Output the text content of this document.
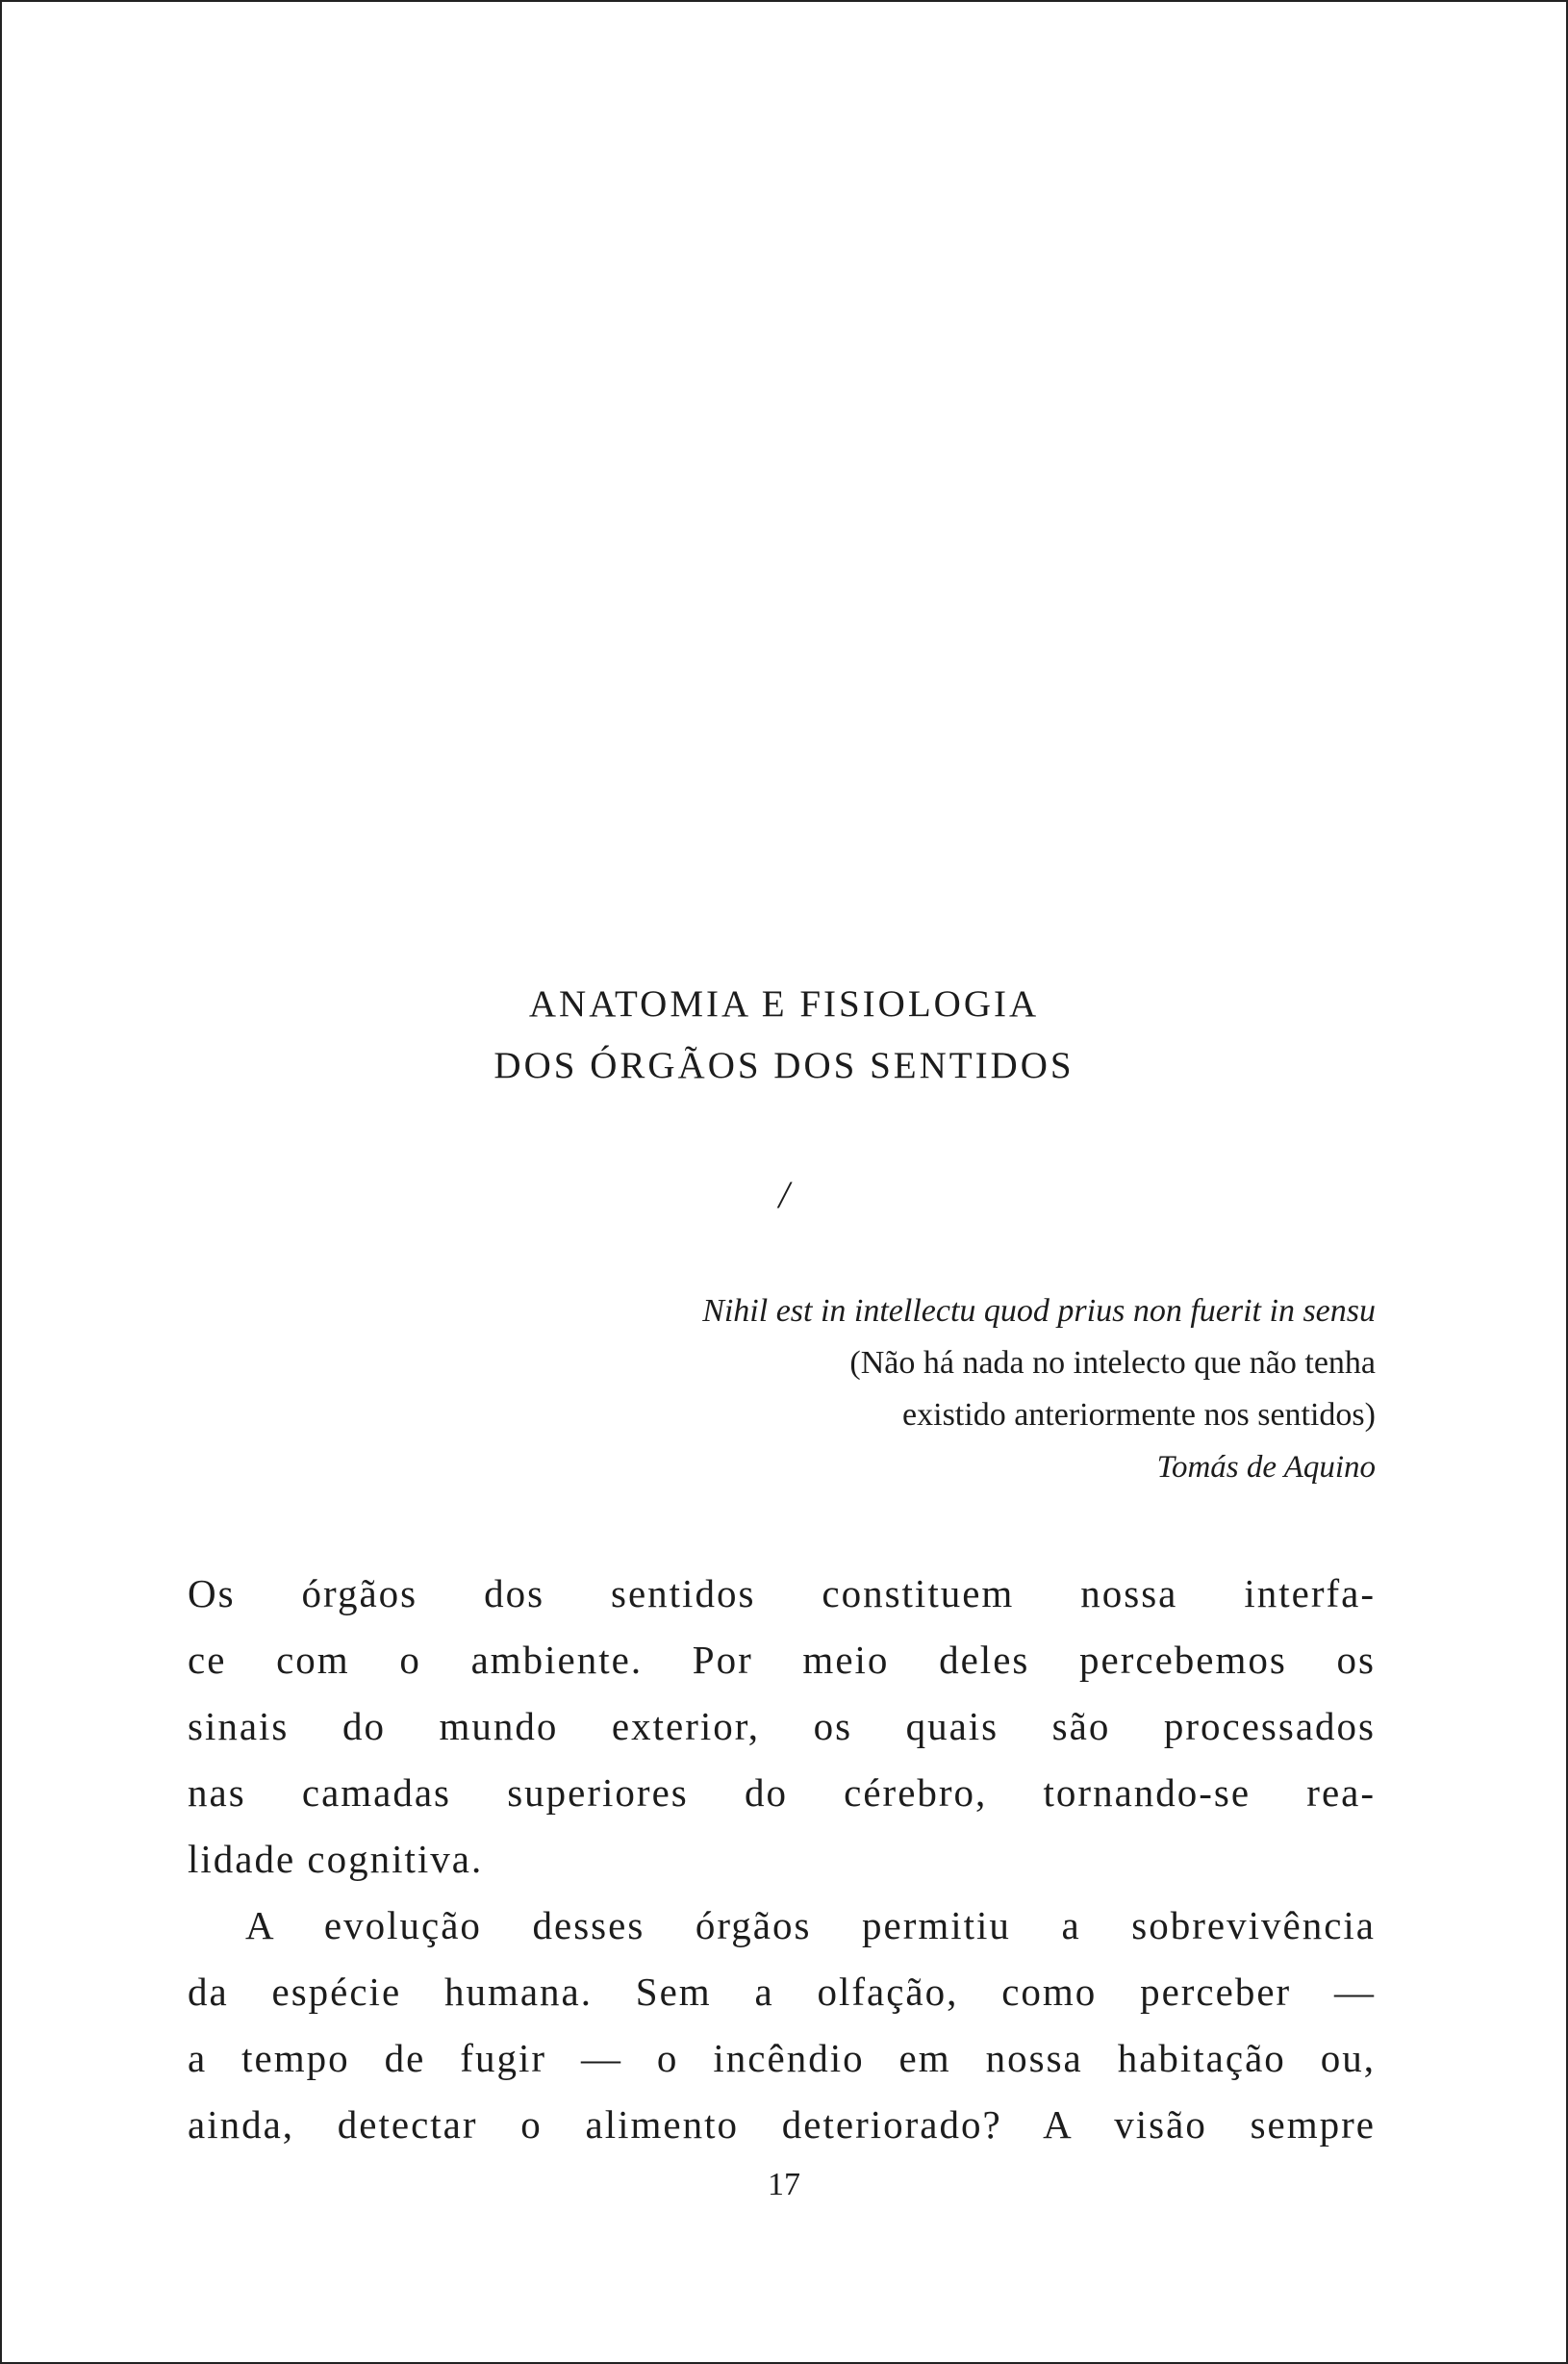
ANATOMIA E FISIOLOGIA
DOS ÓRGÃOS DOS SENTIDOS
/
Nihil est in intellectu quod prius non fuerit in sensu
(Não há nada no intelecto que não tenha
existido anteriormente nos sentidos)
Tomás de Aquino
Os órgãos dos sentidos constituem nossa interfa-
ce com o ambiente. Por meio deles percebemos os
sinais do mundo exterior, os quais são processados
nas camadas superiores do cérebro, tornando-se rea-
lidade cognitiva.
A evolução desses órgãos permitiu a sobrevivência
da espécie humana. Sem a olfação, como perceber —
a tempo de fugir — o incêndio em nossa habitação ou,
ainda, detectar o alimento deteriorado? A visão sempre
17
